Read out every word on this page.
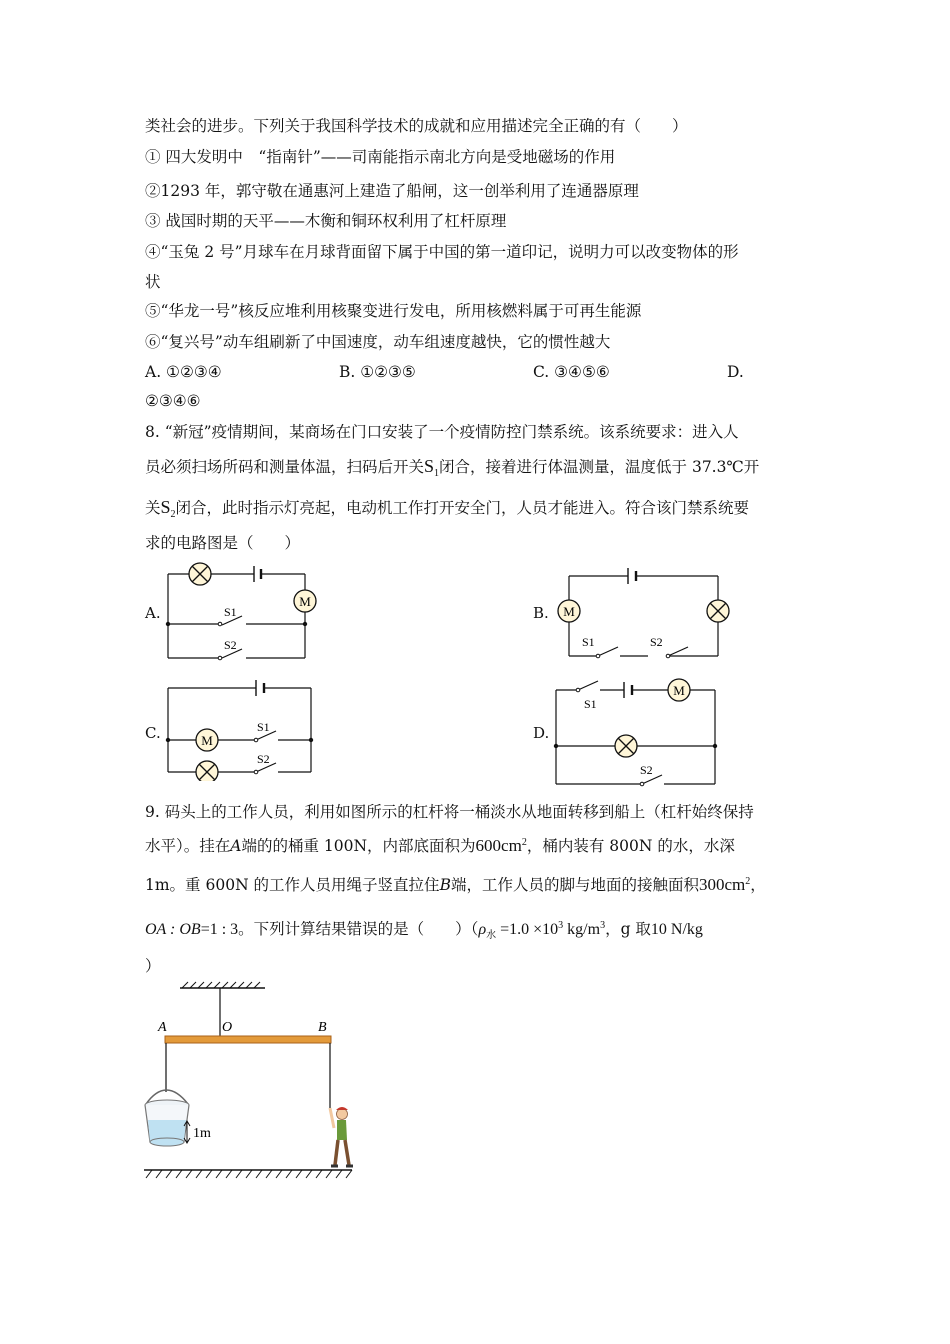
类社会的进步。下列关于我国科学技术的成就和应用描述完全正确的有（　　）
① 四大发明中　“指南针”——司南能指示南北方向是受地磁场的作用
②1293 年，郭守敬在通惠河上建造了船闸，这一创举利用了连通器原理
③ 战国时期的天平——木衡和铜环权利用了杠杆原理
④“玉兔 2 号”月球车在月球背面留下属于中国的第一道印记，说明力可以改变物体的形
状
⑤“华龙一号”核反应堆利用核聚变进行发电，所用核燃料属于可再生能源
⑥“复兴号”动车组刷新了中国速度，动车组速度越快，它的惯性越大
A. ①②③④	B. ①②③⑤	C. ③④⑤⑥	D.
②③④⑥
8. “新冠”疫情期间，某商场在门口安装了一个疫情防控门禁系统。该系统要求：进入人
员必须扫场所码和测量体温，扫码后开关$S_1$闭合，接着进行体温测量，温度低于 37.3℃开
关$S_2$闭合，此时指示灯亮起，电动机工作打开安全门，人员才能进入。符合该门禁系统要
求的电路图是（　　）
A.	B.
C.	D.
M
S1
S2
M
S1	S2
M
S1
S2
M
S1
S2
9. 码头上的工作人员，利用如图所示的杠杆将一桶淡水从地面转移到船上（杠杆始终保持
水平）。挂在A端的的桶重 100N，内部底面积为$600cm^2$，桶内装有 800N 的水，水深
1m。重 600N 的工作人员用绳子竖直拉住B端，工作人员的脚与地面的接触面积$300cm^2$，
OA : OB=1 : 3。下列计算结果错误的是（　　）（$\rho_水 =1.0 \times 10^3$ $kg/m^3$，g 取10 N/kg
）
A	O	B
1m
